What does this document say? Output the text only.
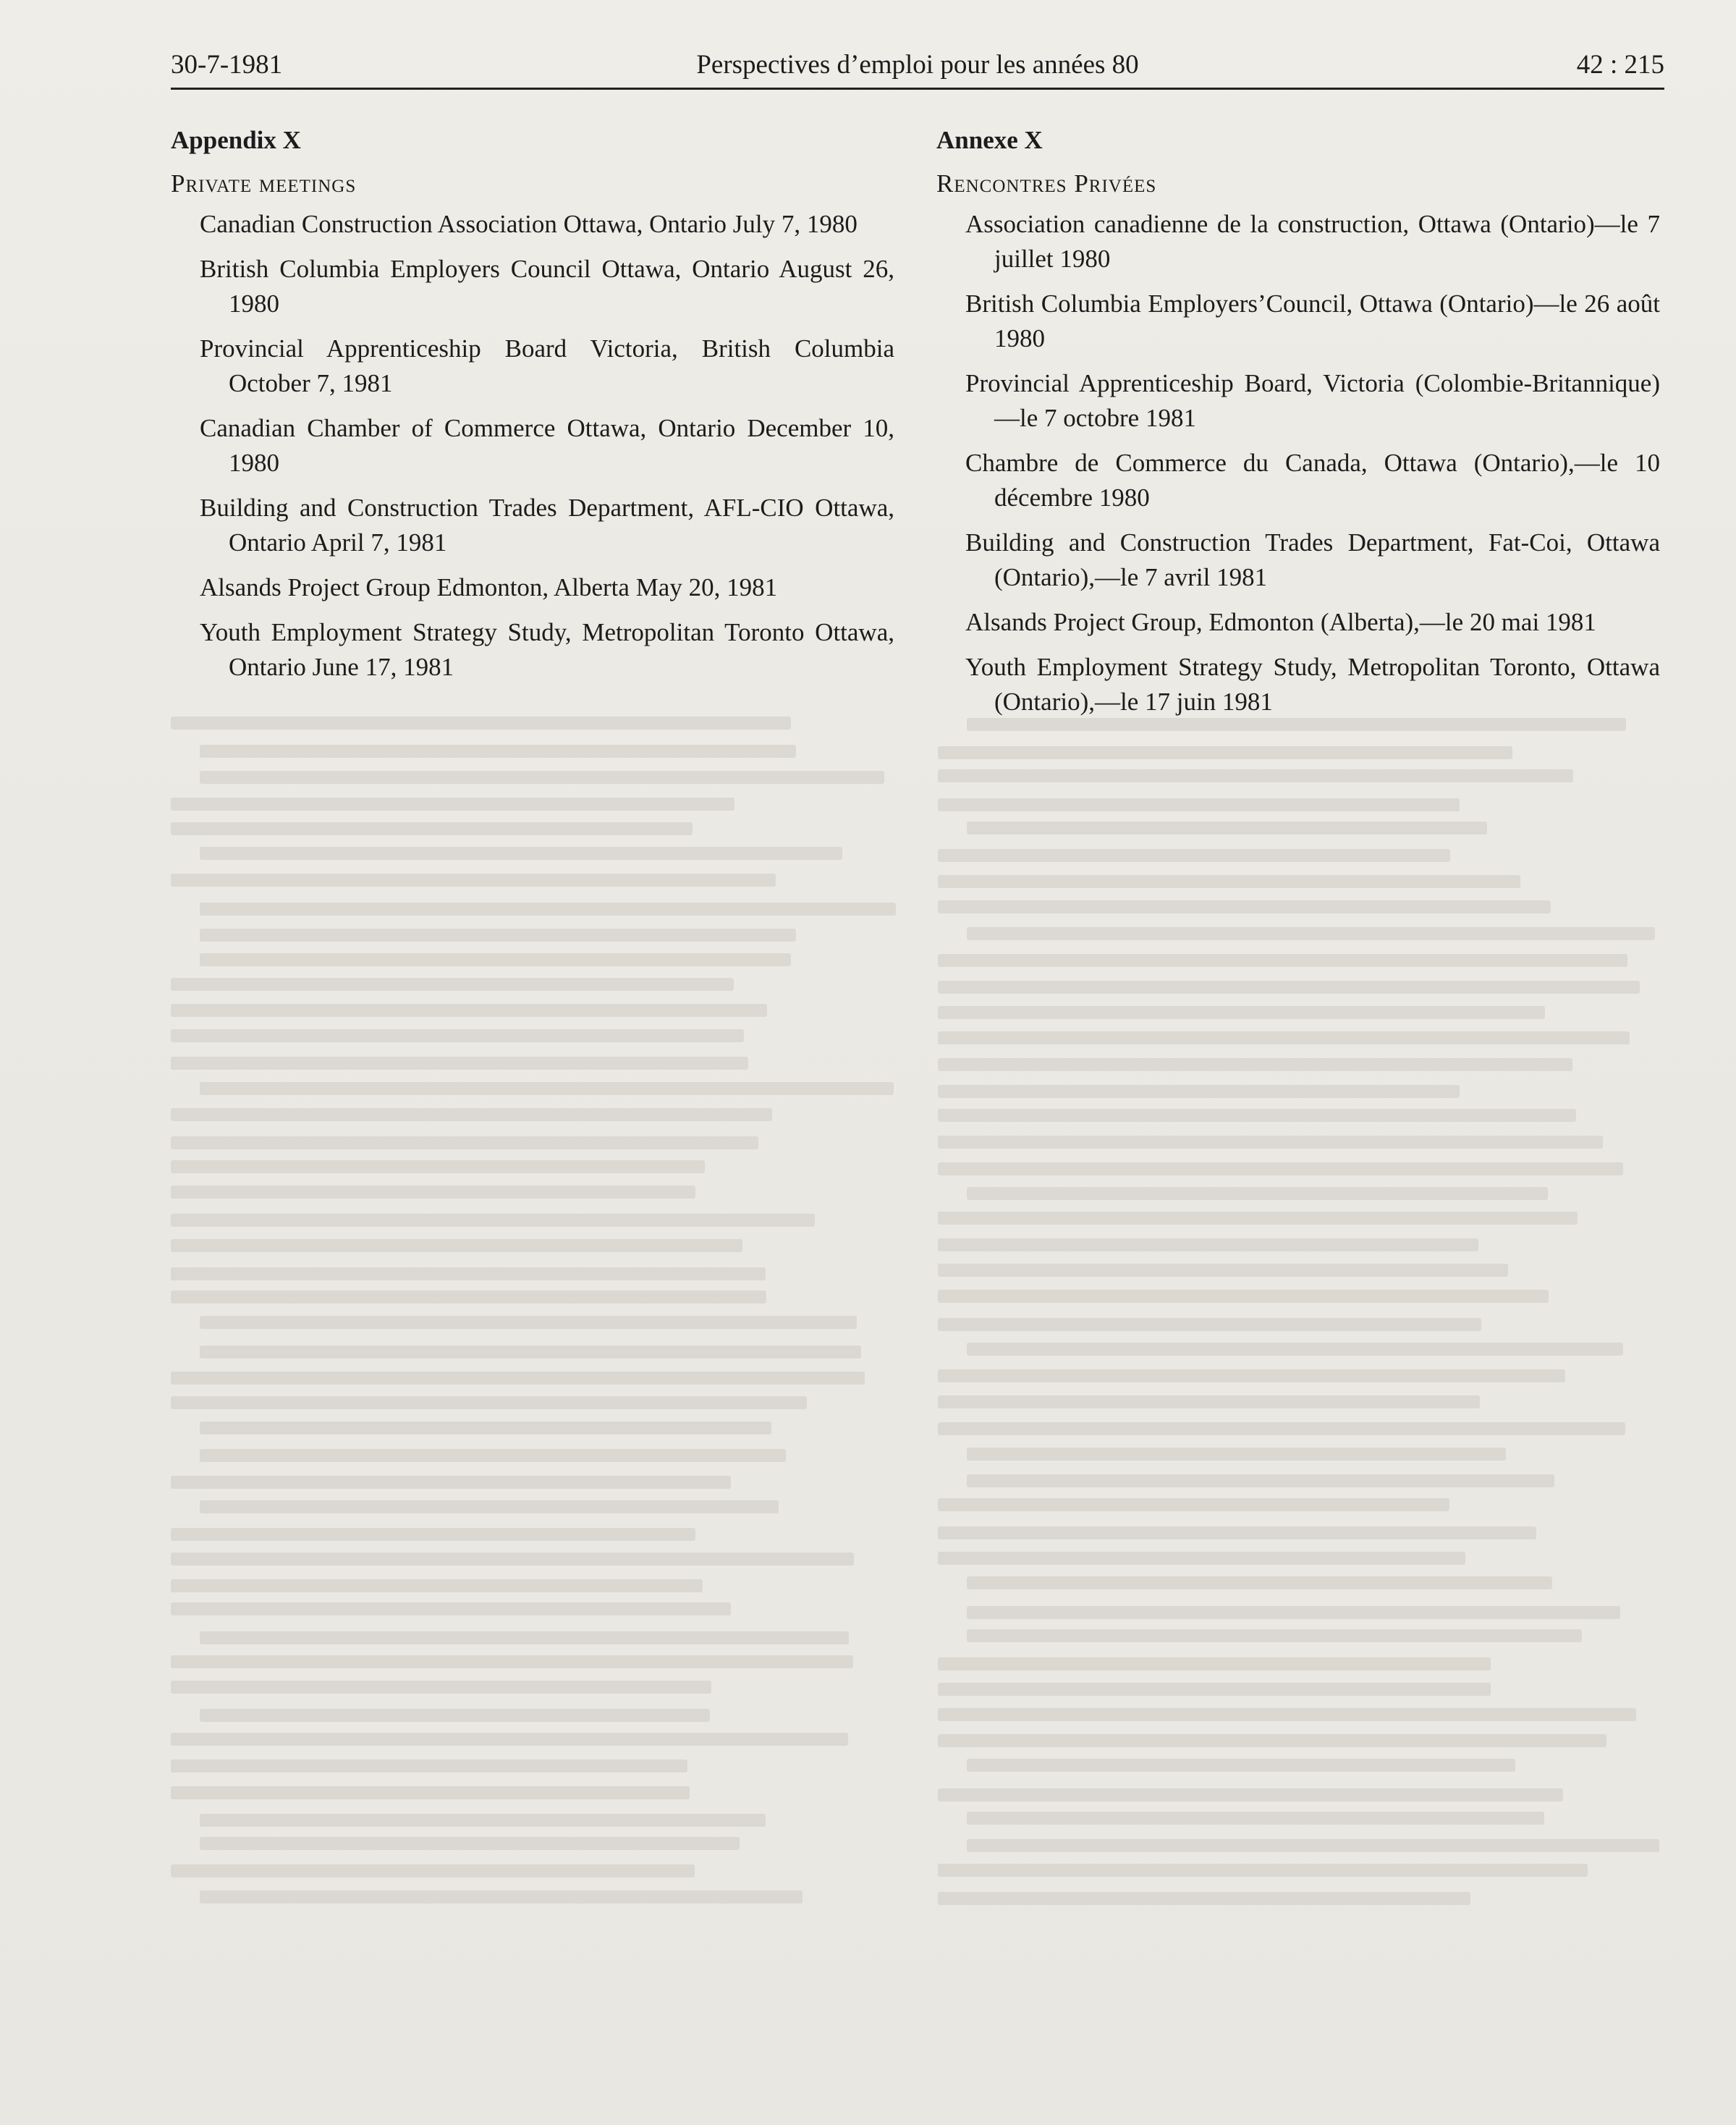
30-7-1981	Perspectives d’emploi pour les années 80	42 : 215

Appendix X

Private meetings

Canadian Construction Association Ottawa, Ontario July 7, 1980

British Columbia Employers Council Ottawa, Ontario August 26, 1980

Provincial Apprenticeship Board Victoria, British Columbia October 7, 1981

Canadian Chamber of Commerce Ottawa, Ontario December 10, 1980

Building and Construction Trades Department, AFL-CIO Ottawa, Ontario April 7, 1981

Alsands Project Group Edmonton, Alberta May 20, 1981

Youth Employment Strategy Study, Metropolitan Toronto Ottawa, Ontario June 17, 1981

Annexe X

Rencontres Privées

Association canadienne de la construction, Ottawa (Ontario)—le 7 juillet 1980

British Columbia Employers’Council, Ottawa (Ontario)—le 26 août 1980

Provincial Apprenticeship Board, Victoria (Colombie-Britannique)—le 7 octobre 1981

Chambre de Commerce du Canada, Ottawa (Ontario),—le 10 décembre 1980

Building and Construction Trades Department, Fat-Coi, Ottawa (Ontario),—le 7 avril 1981

Alsands Project Group, Edmonton (Alberta),—le 20 mai 1981

Youth Employment Strategy Study, Metropolitan Toronto, Ottawa (Ontario),—le 17 juin 1981
